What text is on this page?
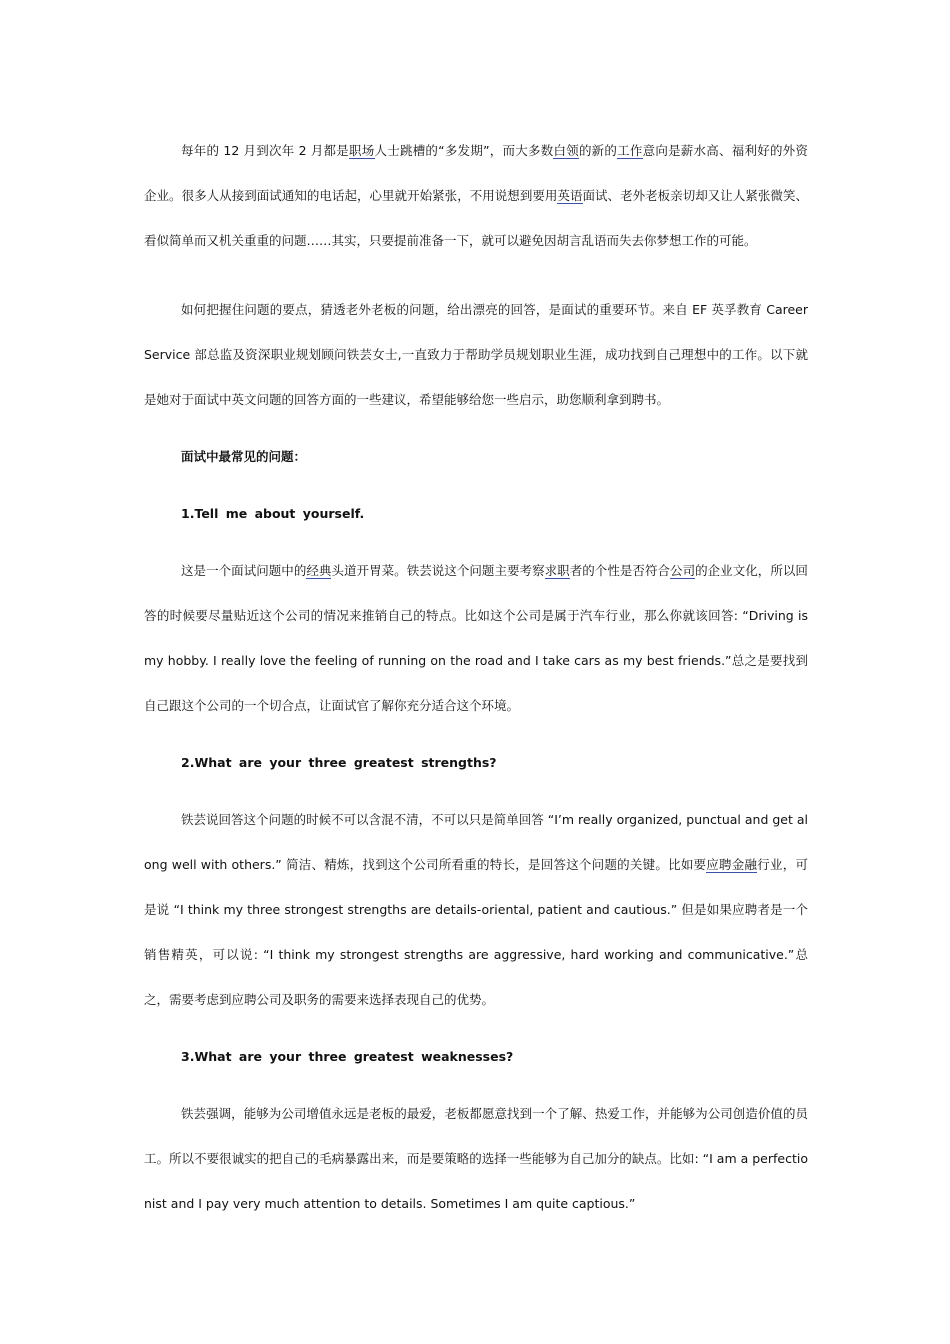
每年的 12 月到次年 2 月都是职场人士跳槽的“多发期”，而大多数白领的新的工作意向是薪水高、福利好的外资企业。很多人从接到面试通知的电话起，心里就开始紧张，不用说想到要用英语面试、老外老板亲切却又让人紧张微笑、看似简单而又机关重重的问题……其实，只要提前准备一下，就可以避免因胡言乱语而失去你梦想工作的可能。

如何把握住问题的要点，猜透老外老板的问题，给出漂亮的回答，是面试的重要环节。来自 EF 英孚教育 Career Service 部总监及资深职业规划顾问铁芸女士,一直致力于帮助学员规划职业生涯，成功找到自己理想中的工作。以下就是她对于面试中英文问题的回答方面的一些建议，希望能够给您一些启示，助您顺利拿到聘书。

面试中最常见的问题：

1.Tell me about yourself.

这是一个面试问题中的经典头道开胃菜。铁芸说这个问题主要考察求职者的个性是否符合公司的企业文化，所以回答的时候要尽量贴近这个公司的情况来推销自己的特点。比如这个公司是属于汽车行业，那么你就该回答: “Driving is my hobby. I really love the feeling of running on the road and I take cars as my best friends.”总之是要找到自己跟这个公司的一个切合点，让面试官了解你充分适合这个环境。

2.What are your three greatest strengths?

铁芸说回答这个问题的时候不可以含混不清，不可以只是简单回答 “I’m really organized, punctual and get along well with others.” 简洁、精炼，找到这个公司所看重的特长，是回答这个问题的关键。比如要应聘金融行业，可是说 “I think my three strongest strengths are details-oriental, patient and cautious.” 但是如果应聘者是一个销售精英，可以说: “I think my strongest strengths are aggressive, hard working and communicative.”总之，需要考虑到应聘公司及职务的需要来选择表现自己的优势。

3.What are your three greatest weaknesses?

铁芸强调，能够为公司增值永远是老板的最爱，老板都愿意找到一个了解、热爱工作，并能够为公司创造价值的员工。所以不要很诚实的把自己的毛病暴露出来，而是要策略的选择一些能够为自己加分的缺点。比如: “I am a perfectionist and I pay very much attention to details. Sometimes I am quite captious.”
